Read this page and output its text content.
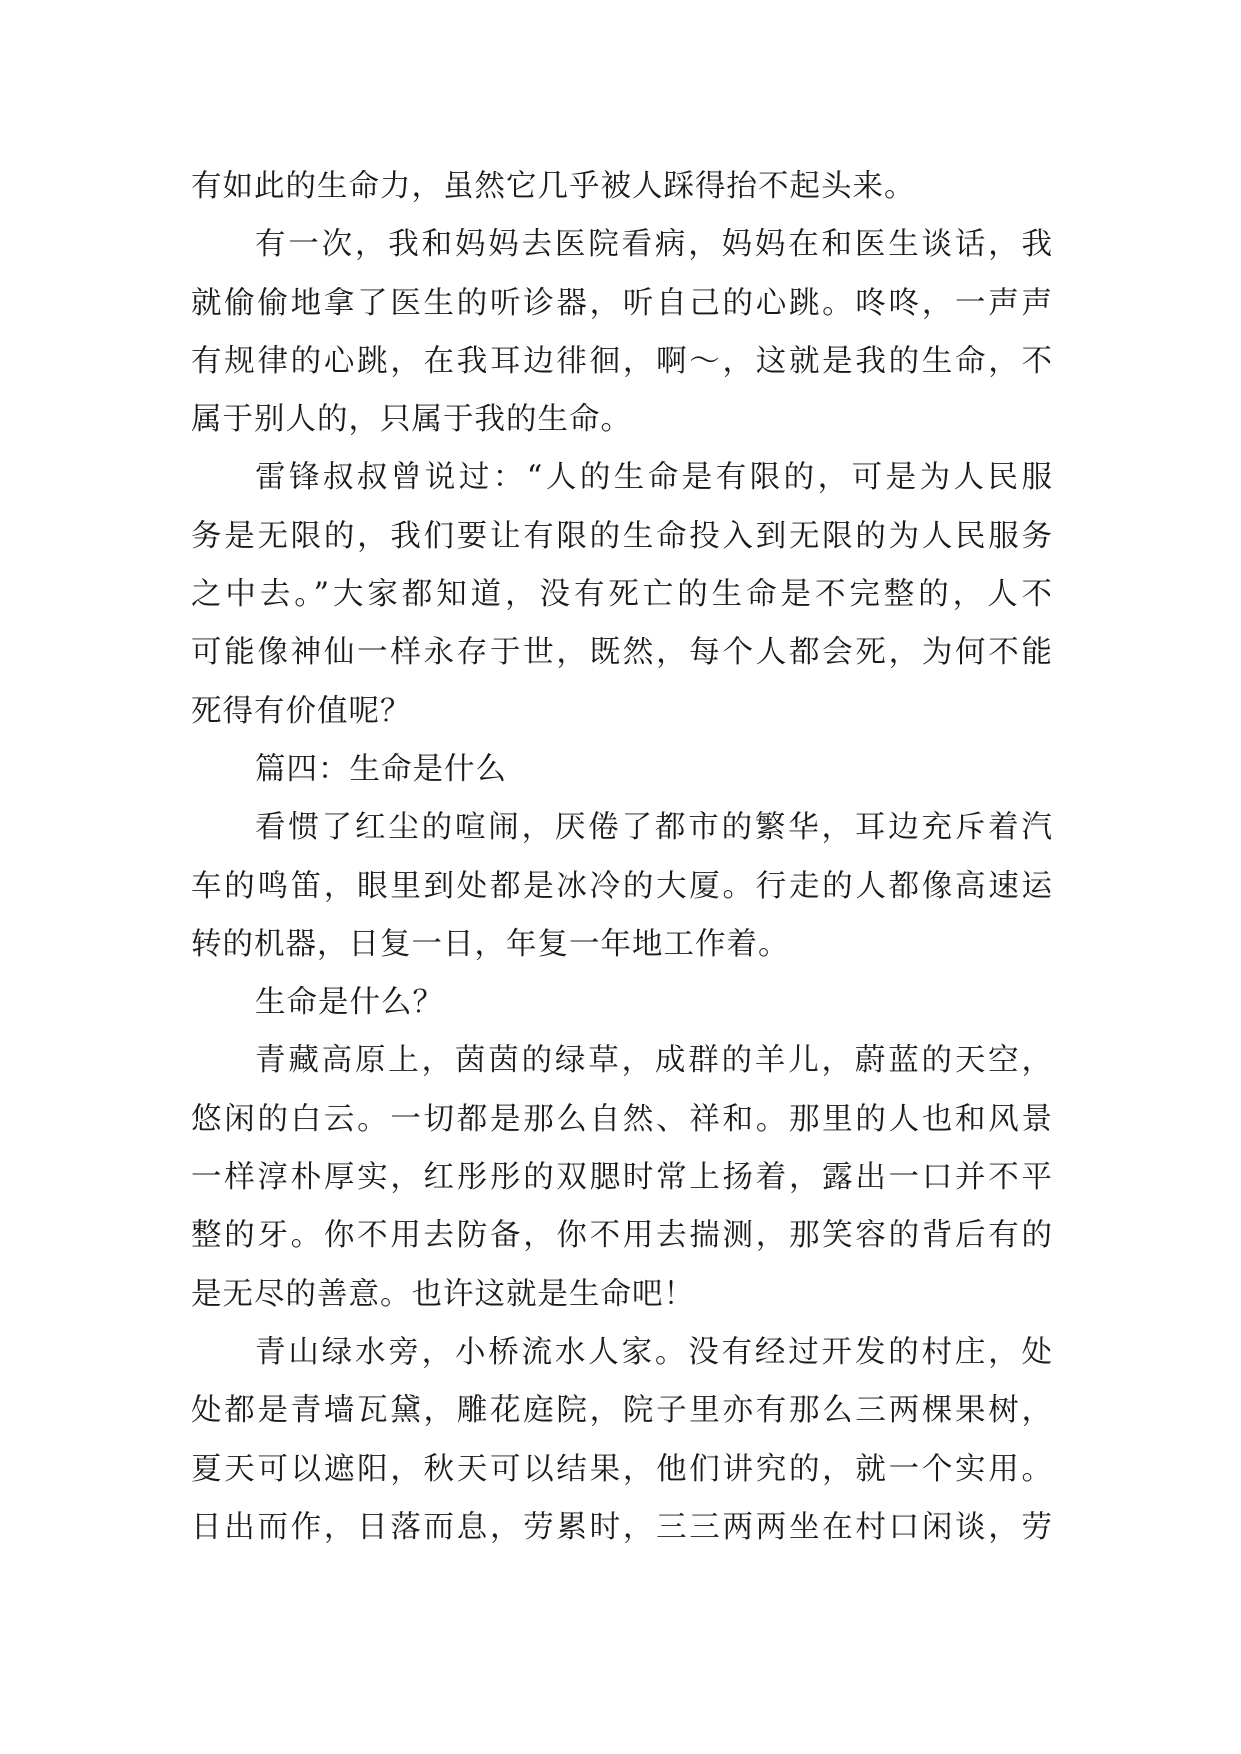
有如此的生命力，虽然它几乎被人踩得抬不起头来。
有一次，我和妈妈去医院看病，妈妈在和医生谈话，我
就偷偷地拿了医生的听诊器，听自己的心跳。咚咚，一声声
有规律的心跳，在我耳边徘徊，啊～，这就是我的生命，不
属于别人的，只属于我的生命。
雷锋叔叔曾说过：“人的生命是有限的，可是为人民服
务是无限的，我们要让有限的生命投入到无限的为人民服务
之中去。”大家都知道，没有死亡的生命是不完整的，人不
可能像神仙一样永存于世，既然，每个人都会死，为何不能
死得有价值呢？
篇四：生命是什么
看惯了红尘的喧闹，厌倦了都市的繁华，耳边充斥着汽
车的鸣笛，眼里到处都是冰冷的大厦。行走的人都像高速运
转的机器，日复一日，年复一年地工作着。
生命是什么？
青藏高原上，茵茵的绿草，成群的羊儿，蔚蓝的天空，
悠闲的白云。一切都是那么自然、祥和。那里的人也和风景
一样淳朴厚实，红彤彤的双腮时常上扬着，露出一口并不平
整的牙。你不用去防备，你不用去揣测，那笑容的背后有的
是无尽的善意。也许这就是生命吧！
青山绿水旁，小桥流水人家。没有经过开发的村庄，处
处都是青墙瓦黛，雕花庭院，院子里亦有那么三两棵果树，
夏天可以遮阳，秋天可以结果，他们讲究的，就一个实用。
日出而作，日落而息，劳累时，三三两两坐在村口闲谈，劳
